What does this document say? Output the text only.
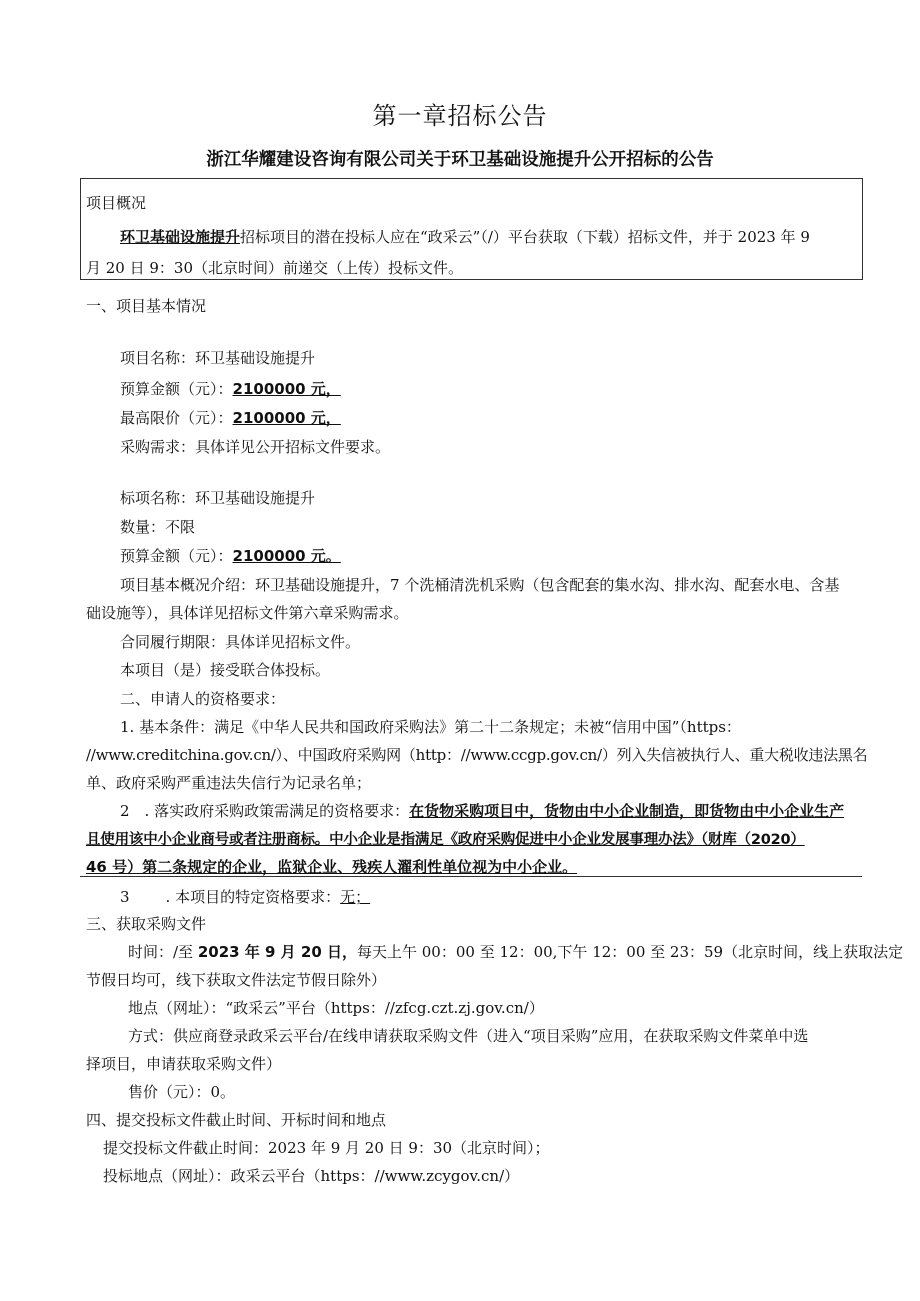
第一章招标公告
浙江华耀建设咨询有限公司关于环卫基础设施提升公开招标的公告
项目概况
环卫基础设施提升招标项目的潜在投标人应在“政采云”（/）平台获取（下载）招标文件，并于 2023 年 9
月 20 日 9：30（北京时间）前递交（上传）投标文件。
一、项目基本情况
项目名称：环卫基础设施提升
预算金额（元）：2100000 元，
最高限价（元）：2100000 元，
采购需求：具体详见公开招标文件要求。
标项名称：环卫基础设施提升
数量：不限
预算金额（元）：2100000 元。
项目基本概况介绍：环卫基础设施提升，7 个洗桶清洗机采购（包含配套的集水沟、排水沟、配套水电、含基
础设施等），具体详见招标文件第六章采购需求。
合同履行期限：具体详见招标文件。
本项目（是）接受联合体投标。
二、申请人的资格要求：
1. 基本条件：满足《中华人民共和国政府采购法》第二十二条规定；未被“信用中国”（https：
//www.creditchina.gov.cn/）、中国政府采购网（http：//www.ccgp.gov.cn/）列入失信被执行人、重大税收违法黑名
单、政府采购严重违法失信行为记录名单；
2　. 落实政府采购政策需满足的资格要求：在货物采购项目中，货物由中小企业制造，即货物由中小企业生产
且使用该中小企业商号或者注册商标。中小企业是指满足《政府采购促进中小企业发展事理办法》（财库（2020）
46 号）第二条规定的企业，监狱企业、残疾人濯利性单位视为中小企业。
3 . 本项目的特定资格要求：无；
三、获取采购文件
时间：/至 2023 年 9 月 20 日，每天上午 00：00 至 12：00,下午 12：00 至 23：59（北京时间，线上获取法定
节假日均可，线下获取文件法定节假日除外）
地点（网址）：“政采云”平台（https：//zfcg.czt.zj.gov.cn/）
方式：供应商登录政采云平台/在线申请获取采购文件（进入“项目采购”应用，在获取采购文件菜单中选
择项目，申请获取采购文件）
售价（元）：0。
四、提交投标文件截止时间、开标时间和地点
提交投标文件截止时间：2023 年 9 月 20 日 9：30（北京时间）；
投标地点（网址）：政采云平台（https：//www.zcygov.cn/）
